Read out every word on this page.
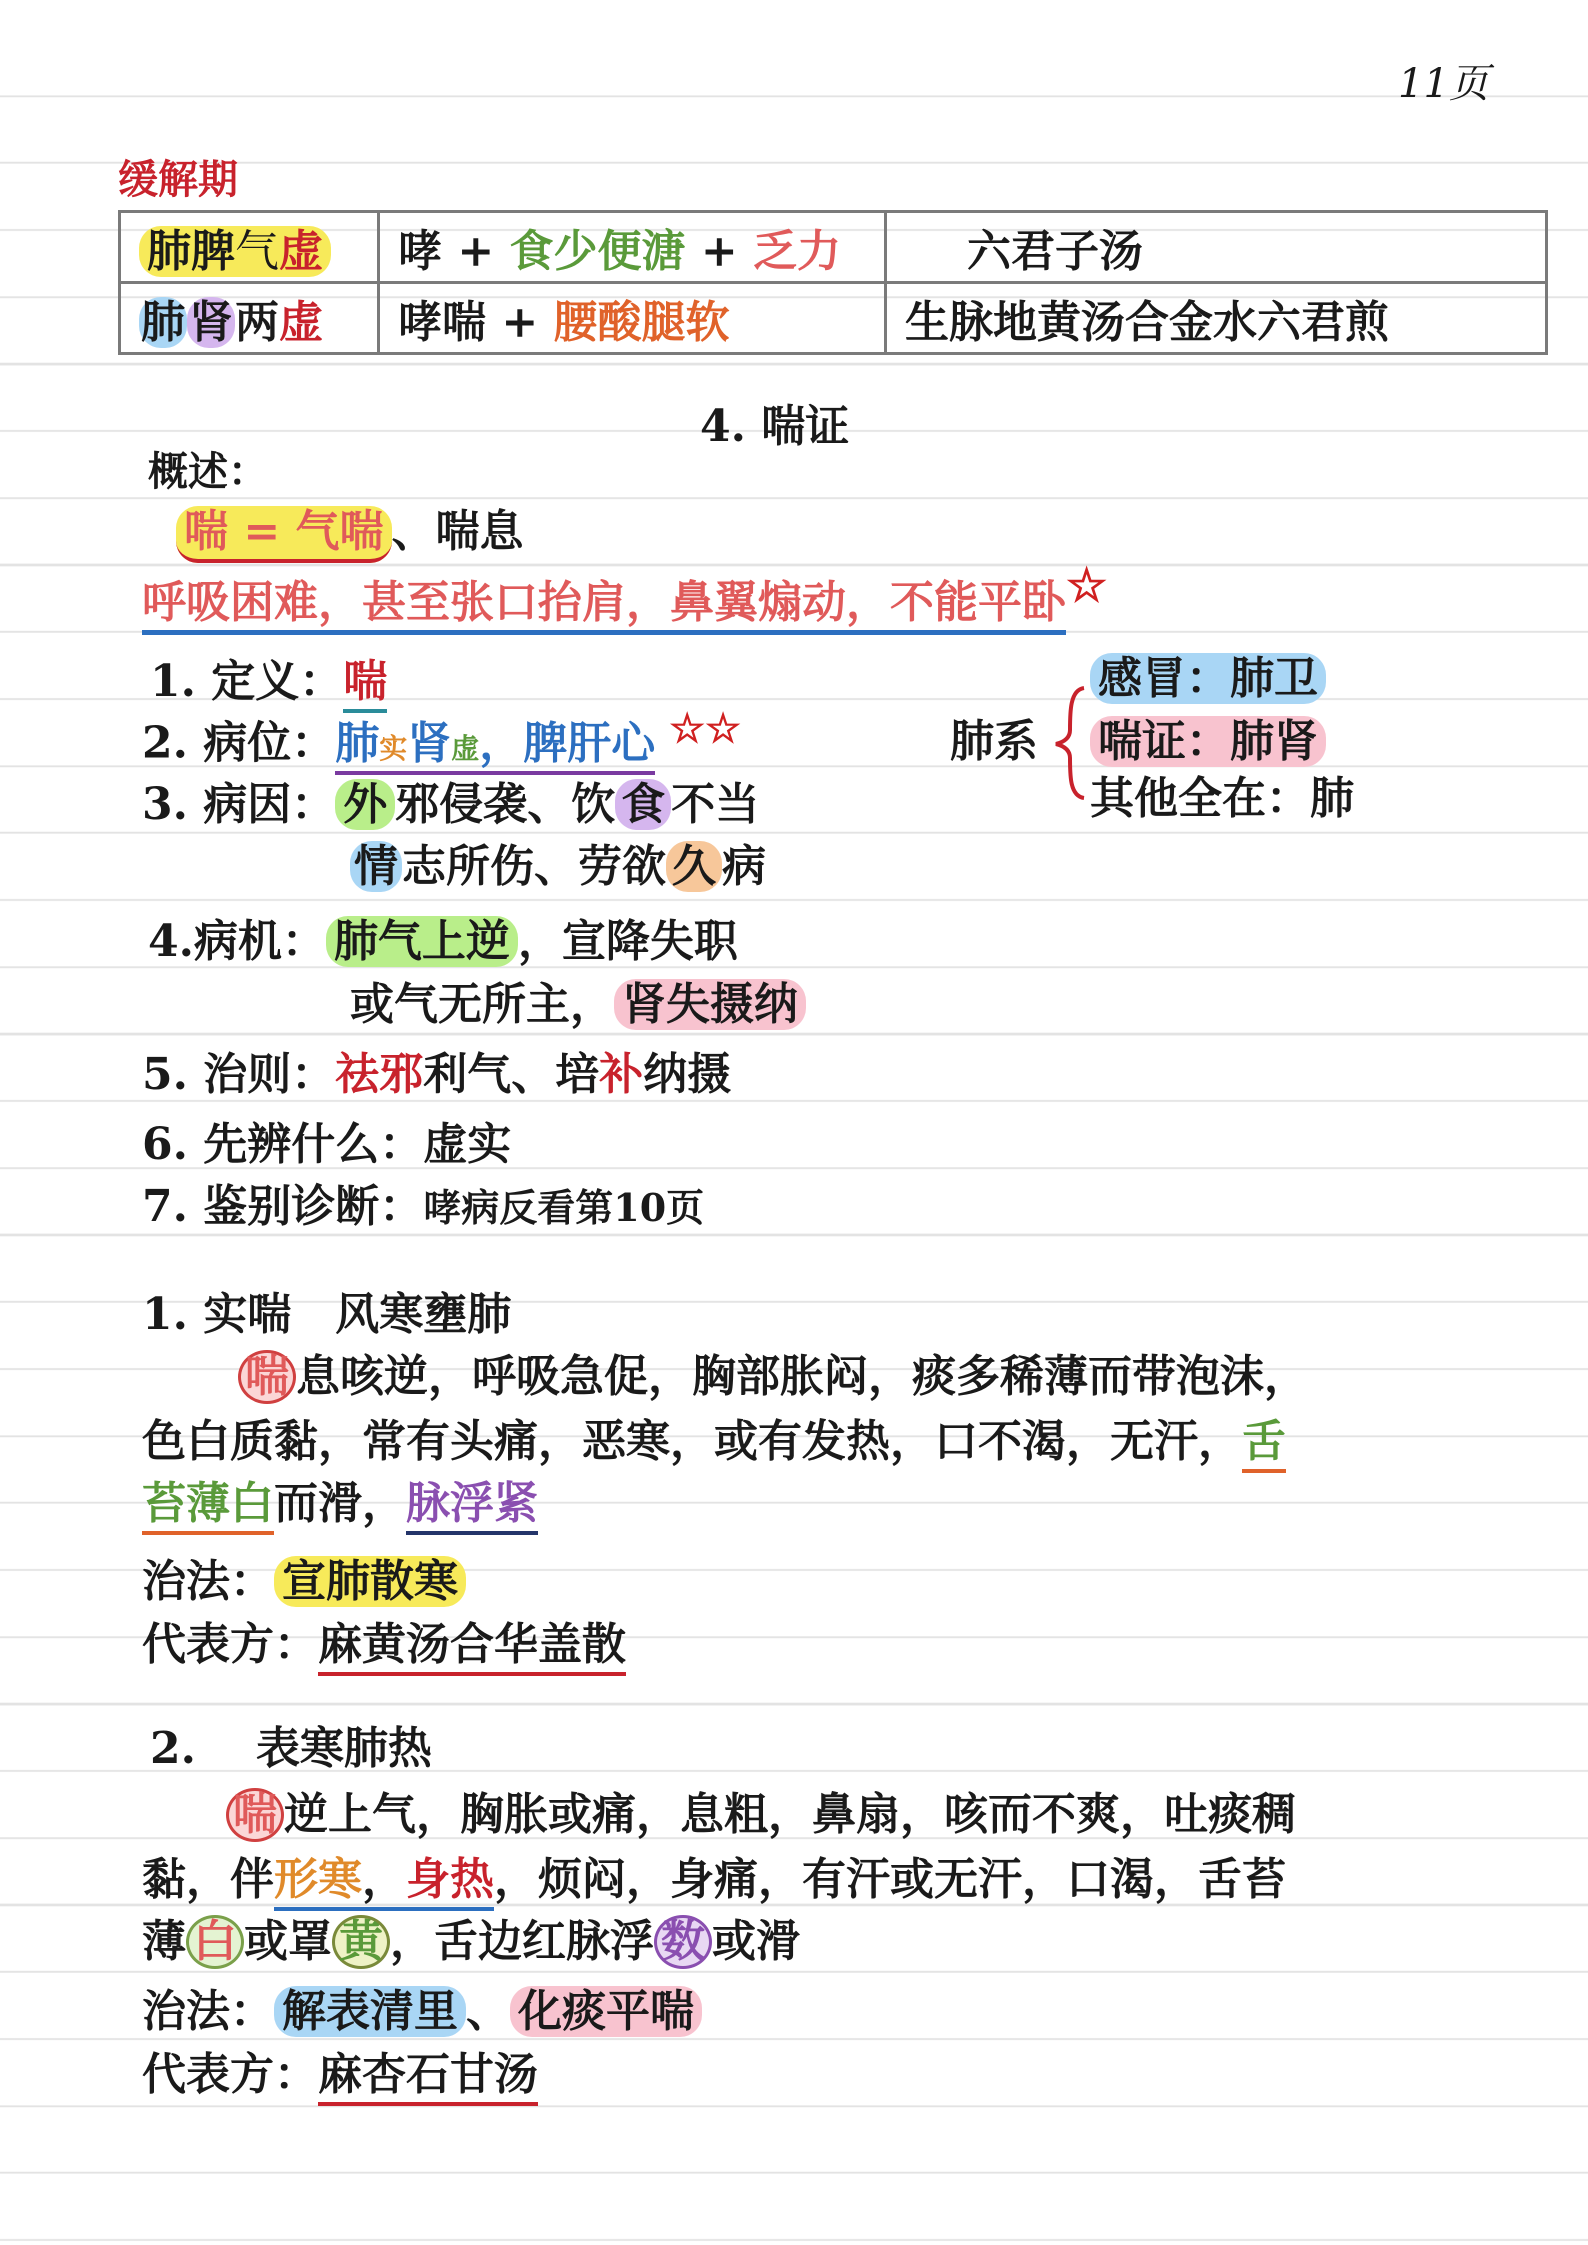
11页
缓解期
肺脾气虚	哮 + 食少便溏 + 乏力	六君子汤
肺肾两虚	哮喘 + 腰酸腿软	生脉地黄汤合金水六君煎
4. 喘证
概述：
喘 = 气喘 、喘息
呼吸困难，甚至张口抬肩，鼻翼煽动，不能平卧☆
1. 定义：喘
2. 病位：肺实肾虚，脾肝心 ☆☆
3. 病因： 外 邪侵袭、饮 食 不当
情志所伤、劳欲 久 病
4.病机： 肺气上逆 ，宣降失职
或气无所主， 肾失摄纳
5. 治则：祛邪利气、培补纳摄
6. 先辨什么：虚实
7. 鉴别诊断：哮病反看第10页
肺系
感冒：肺卫
喘证：肺肾
其他全在：肺
1. 实喘 风寒壅肺
喘 息咳逆，呼吸急促，胸部胀闷，痰多稀薄而带泡沫，
色白质黏，常有头痛，恶寒，或有发热，口不渴，无汗，舌
苔薄白而滑，脉浮紧
治法： 宣肺散寒
代表方：麻黄汤合华盖散
2. 表寒肺热
喘 逆上气，胸胀或痛，息粗，鼻扇，咳而不爽，吐痰稠
黏，伴形寒，身热，烦闷，身痛，有汗或无汗，口渴，舌苔
薄 白 或罩 黄 ，舌边红脉浮 数 或滑
治法： 解表清里 、 化痰平喘
代表方：麻杏石甘汤
